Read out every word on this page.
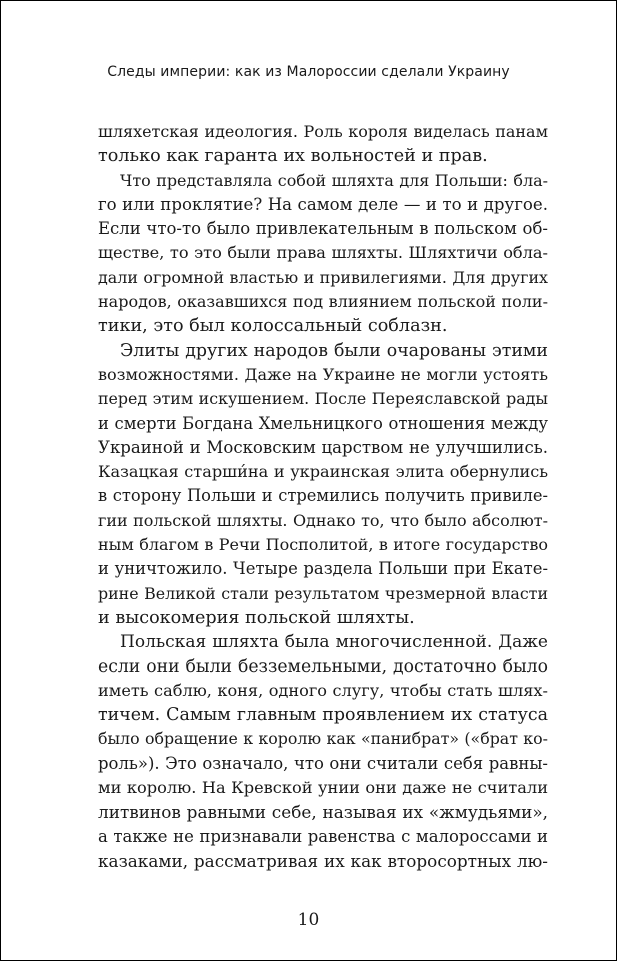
Следы империи: как из Малороссии сделали Украину
шляхетская идеология. Роль короля виделась панам
только как гаранта их вольностей и прав.
Что представляла собой шляхта для Польши: бла-
го или проклятие? На самом деле — и то и другое.
Если что-то было привлекательным в польском об-
ществе, то это были права шляхты. Шляхтичи обла-
дали огромной властью и привилегиями. Для других
народов, оказавшихся под влиянием польской поли-
тики, это был колоссальный соблазн.
Элиты других народов были очарованы этими
возможностями. Даже на Украине не могли устоять
перед этим искушением. После Переяславской рады
и смерти Богдана Хмельницкого отношения между
Украиной и Московским царством не улучшились.
Казацкая старши́на и украинская элита обернулись
в сторону Польши и стремились получить привиле-
гии польской шляхты. Однако то, что было абсолют-
ным благом в Речи Посполитой, в итоге государство
и уничтожило. Четыре раздела Польши при Екате-
рине Великой стали результатом чрезмерной власти
и высокомерия польской шляхты.
Польская шляхта была многочисленной. Даже
если они были безземельными, достаточно было
иметь саблю, коня, одного слугу, чтобы стать шлях-
тичем. Самым главным проявлением их статуса
было обращение к королю как «панибрат» («брат ко-
роль»). Это означало, что они считали себя равны-
ми королю. На Кревской унии они даже не считали
литвинов равными себе, называя их «жмудьями»,
а также не признавали равенства с малороссами и
казаками, рассматривая их как второсортных лю-
10
